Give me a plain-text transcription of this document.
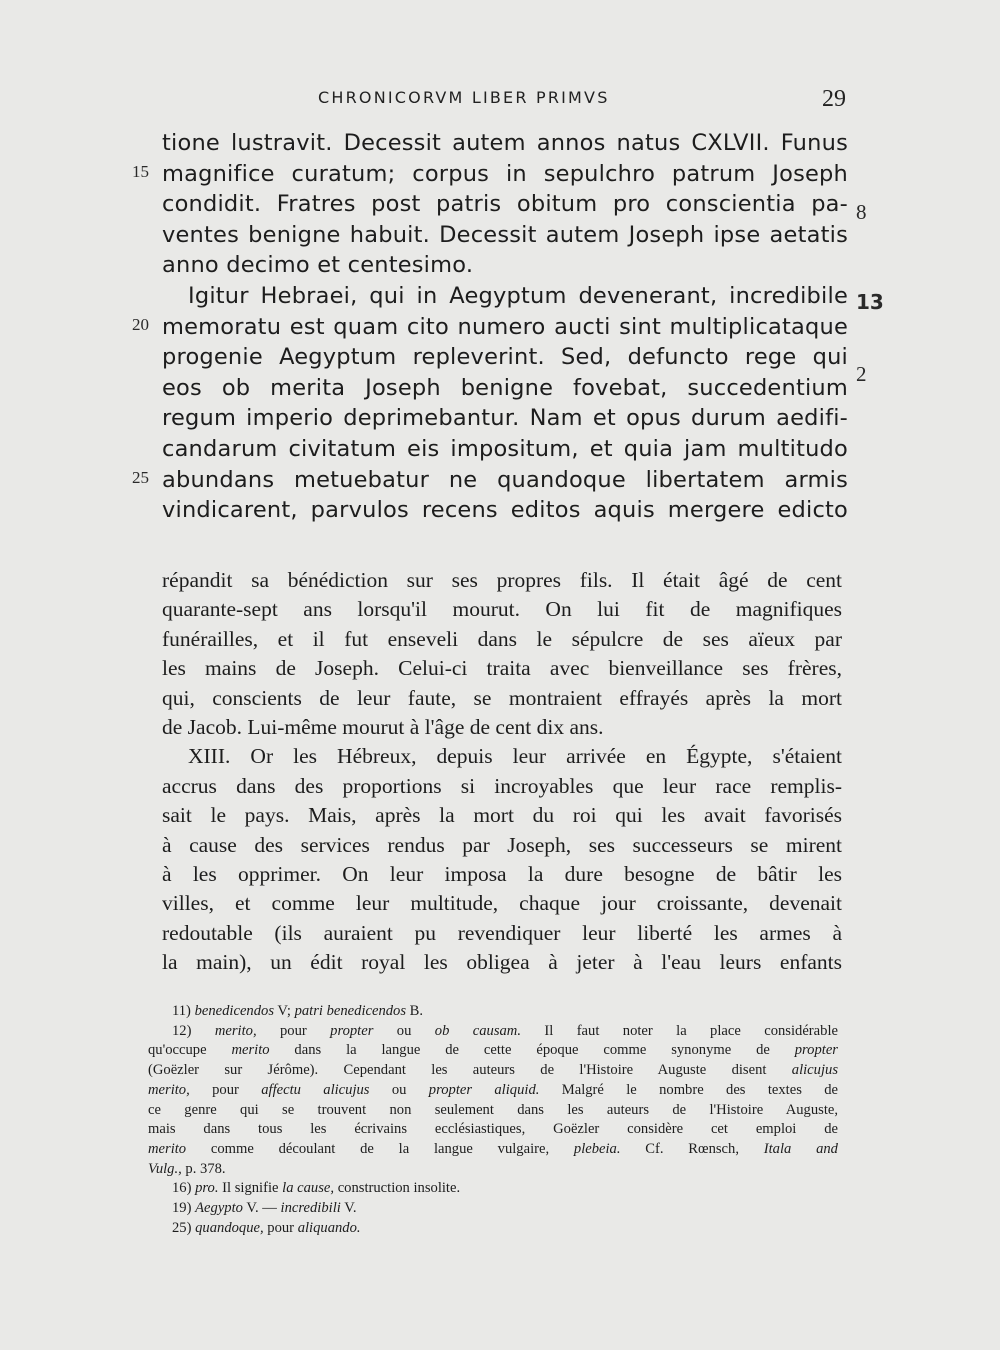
CHRONICORVM LIBER PRIMVS	29
tione lustravit. Decessit autem annos natus CXLVII. Funus
magnifice curatum; corpus in sepulchro patrum Joseph
condidit. Fratres post patris obitum pro conscientia pa-
ventes benigne habuit. Decessit autem Joseph ipse aetatis
anno decimo et centesimo.
Igitur Hebraei, qui in Aegyptum devenerant, incredibile
memoratu est quam cito numero aucti sint multiplicataque
progenie Aegyptum repleverint. Sed, defuncto rege qui
eos ob merita Joseph benigne fovebat, succedentium
regum imperio deprimebantur. Nam et opus durum aedifi-
candarum civitatum eis impositum, et quia jam multitudo
abundans metuebatur ne quandoque libertatem armis
vindicarent, parvulos recens editos aquis mergere edicto
15
20
25
8
13
2
répandit sa bénédiction sur ses propres fils. Il était âgé de cent
quarante-sept ans lorsqu'il mourut. On lui fit de magnifiques
funérailles, et il fut enseveli dans le sépulcre de ses aïeux par
les mains de Joseph. Celui-ci traita avec bienveillance ses frères,
qui, conscients de leur faute, se montraient effrayés après la mort
de Jacob. Lui-même mourut à l'âge de cent dix ans.
XIII. Or les Hébreux, depuis leur arrivée en Égypte, s'étaient
accrus dans des proportions si incroyables que leur race remplis-
sait le pays. Mais, après la mort du roi qui les avait favorisés
à cause des services rendus par Joseph, ses successeurs se mirent
à les opprimer. On leur imposa la dure besogne de bâtir les
villes, et comme leur multitude, chaque jour croissante, devenait
redoutable (ils auraient pu revendiquer leur liberté les armes à
la main), un édit royal les obligea à jeter à l'eau leurs enfants
11) benedicendos V; patri benedicendos B.
12) merito, pour propter ou ob causam. Il faut noter la place considérable
qu'occupe merito dans la langue de cette époque comme synonyme de propter
(Goëzler sur Jérôme). Cependant les auteurs de l'Histoire Auguste disent alicujus
merito, pour affectu alicujus ou propter aliquid. Malgré le nombre des textes de
ce genre qui se trouvent non seulement dans les auteurs de l'Histoire Auguste,
mais dans tous les écrivains ecclésiastiques, Goëzler considère cet emploi de
merito comme découlant de la langue vulgaire, plebeia. Cf. Rœnsch, Itala and
Vulg., p. 378.
16) pro. Il signifie la cause, construction insolite.
19) Aegypto V. — incredibili V.
25) quandoque, pour aliquando.
